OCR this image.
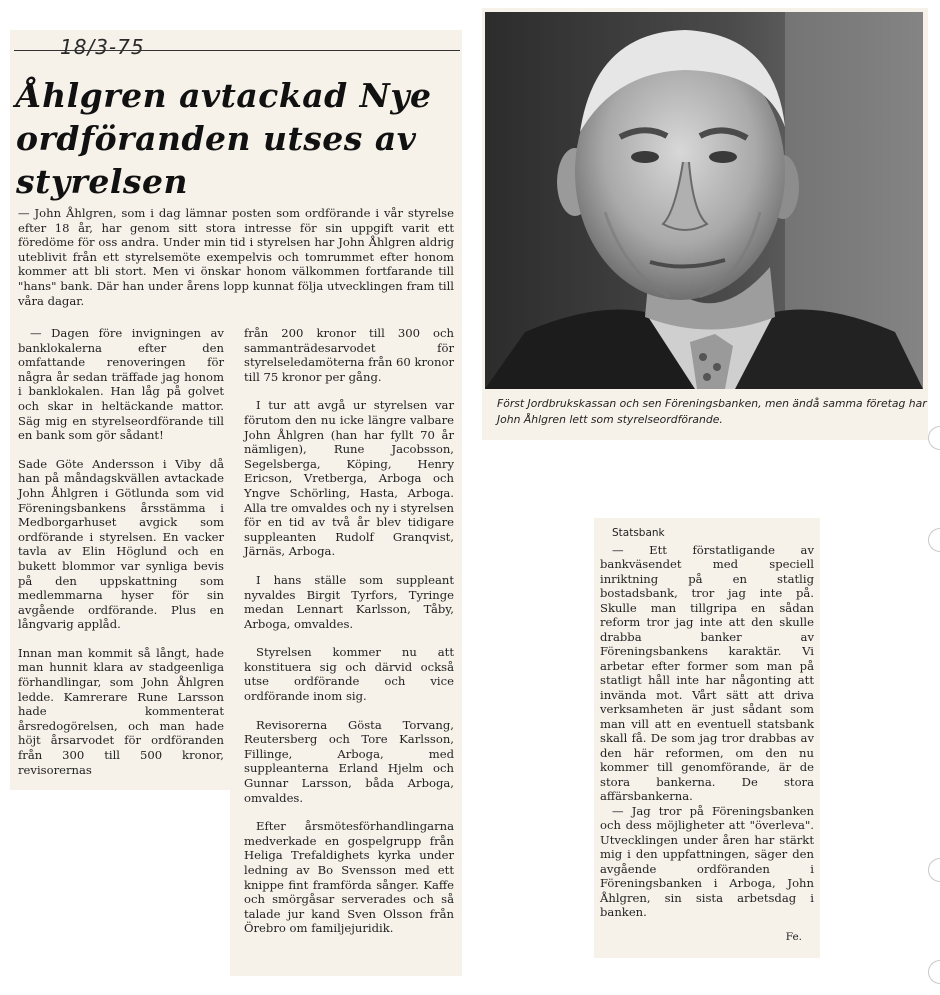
18/3-75
Åhlgren avtackad Nye ordföranden utses av styrelsen
— John Åhlgren, som i dag lämnar posten som ordförande i vår styrelse efter 18 år, har genom sitt stora intresse för sin uppgift varit ett föredöme för oss andra. Under min tid i styrelsen har John Åhlgren aldrig uteblivit från ett styrelsemöte exempelvis och tomrummet efter honom kommer att bli stort. Men vi önskar honom välkommen fortfarande till "hans" bank. Där han under årens lopp kunnat följa utvecklingen fram till våra dagar.

— Dagen före invigningen av banklokalerna efter den omfattande renoveringen för några år sedan träffade jag honom i banklokalen. Han låg på golvet och skar in heltäckande mattor. Säg mig en styrelseordförande till en bank som gör sådant!

Sade Göte Andersson i Viby då han på måndagskvällen avtackade John Åhlgren i Götlunda som vid Föreningsbankens årsstämma i Medborgarhuset avgick som ordförande i styrelsen. En vacker tavla av Elin Höglund och en bukett blommor var synliga bevis på den uppskattning som medlemmarna hyser för sin avgående ordförande. Plus en långvarig applåd.

Innan man kommit så långt, hade man hunnit klara av stadgeenliga förhandlingar, som John Åhlgren ledde. Kamrerare Rune Larsson hade kommenterat årsredogörelsen, och man hade höjt årsarvodet för ordföranden från 300 till 500 kronor, revisorernas

från 200 kronor till 300 och sammanträdesarvodet för styrelseledamöterna från 60 kronor till 75 kronor per gång.

I tur att avgå ur styrelsen var förutom den nu icke längre valbare John Åhlgren (han har fyllt 70 år nämligen), Rune Jacobsson, Segelsberga, Köping, Henry Ericson, Vretberga, Arboga och Yngve Schörling, Hasta, Arboga. Alla tre omvaldes och ny i styrelsen för en tid av två år blev tidigare suppleanten Rudolf Granqvist, Järnäs, Arboga.

I hans ställe som suppleant nyvaldes Birgit Tyrfors, Tyringe medan Lennart Karlsson, Tåby, Arboga, omvaldes.

Styrelsen kommer nu att konstituera sig och därvid också utse ordförande och vice ordförande inom sig.

Revisorerna Gösta Torvang, Reutersberg och Tore Karlsson, Fillinge, Arboga, med suppleanterna Erland Hjelm och Gunnar Larsson, båda Arboga, omvaldes.

Efter årsmötesförhandlingarna medverkade en gospelgrupp från Heliga Trefaldighets kyrka under ledning av Bo Svensson med ett knippe fint framförda sånger. Kaffe och smörgåsar serverades och så talade jur kand Sven Olsson från Örebro om familjejuridik.

Först Jordbrukskassan och sen Föreningsbanken, men ändå samma företag har John Åhlgren lett som styrelseordförande.
Statsbank

— Ett förstatligande av bankväsendet med speciell inriktning på en statlig bostadsbank, tror jag inte på. Skulle man tillgripa en sådan reform tror jag inte att den skulle drabba banker av Föreningsbankens karaktär. Vi arbetar efter former som man på statligt håll inte har någonting att invända mot. Vårt sätt att driva verksamheten är just sådant som man vill att en eventuell statsbank skall få. De som jag tror drabbas av den här reformen, om den nu kommer till genomförande, är de stora bankerna. De stora affärsbankerna.

— Jag tror på Föreningsbanken och dess möjligheter att "överleva". Utvecklingen under åren har stärkt mig i den uppfattningen, säger den avgående ordföranden i Föreningsbanken i Arboga, John Åhlgren, sin sista arbetsdag i banken.

Fe.
